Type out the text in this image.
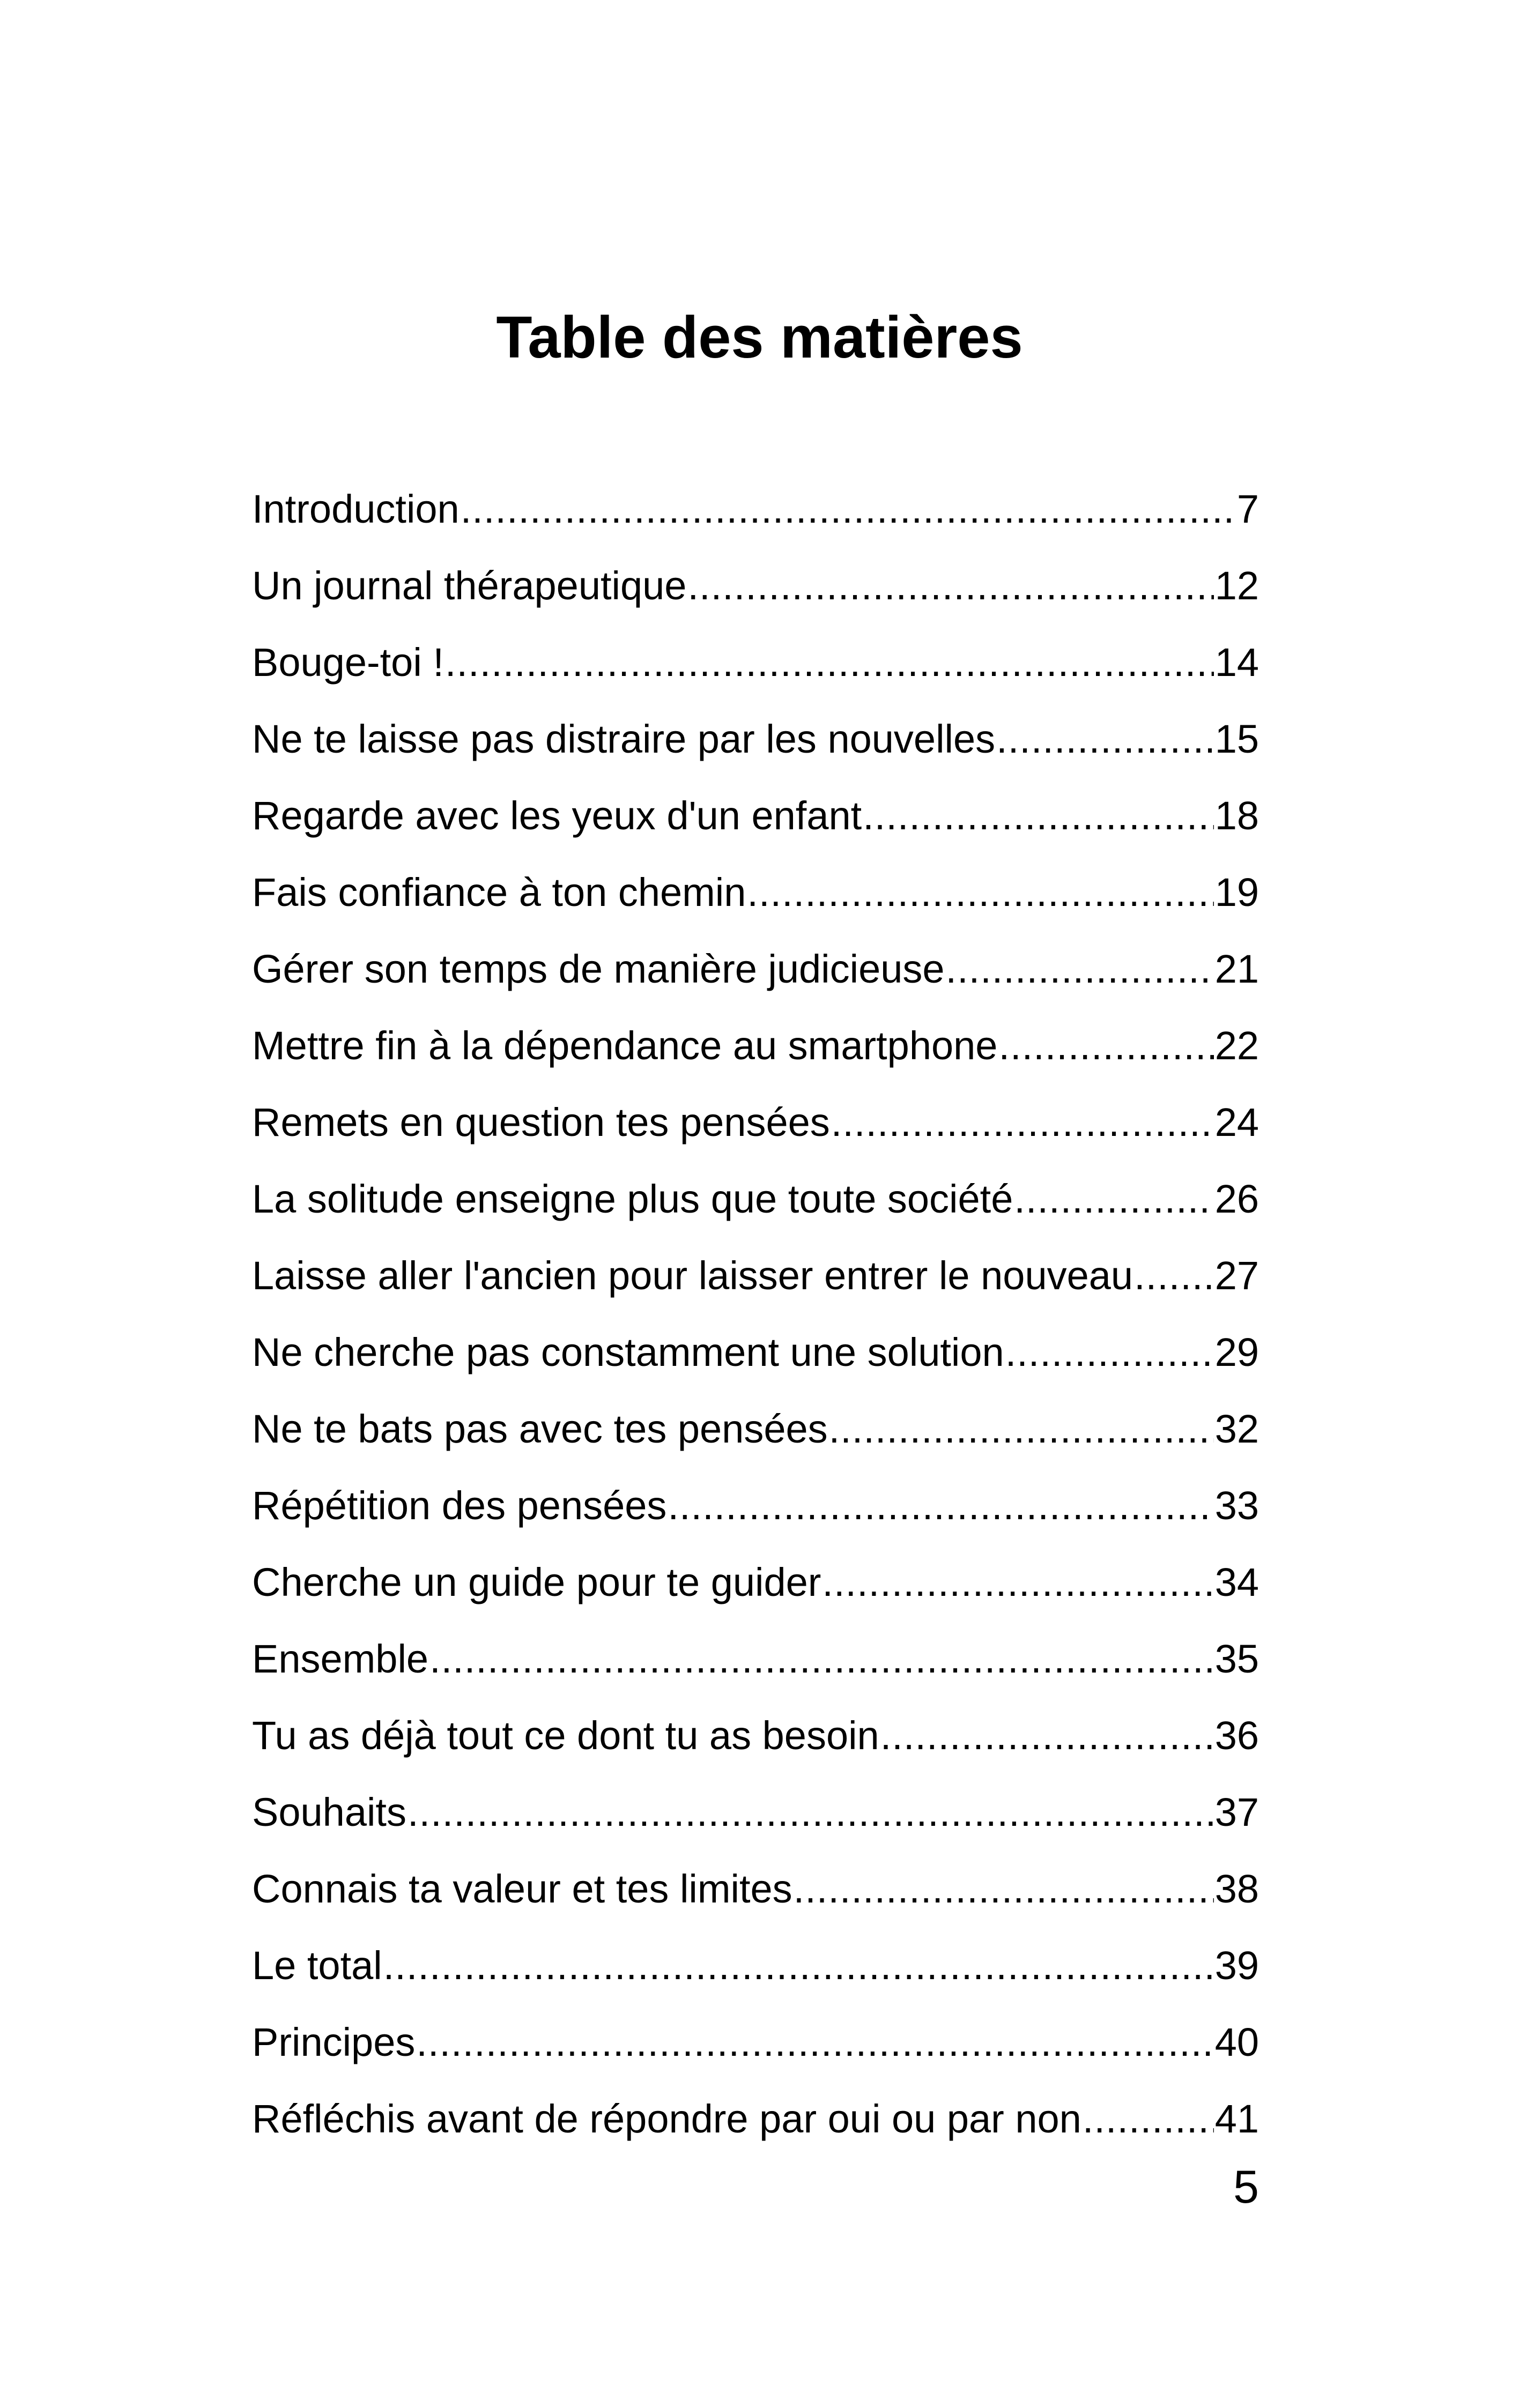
Table des matières
Introduction .....	7
Un journal thérapeutique .....	12
Bouge-toi ! .....	14
Ne te laisse pas distraire par les nouvelles .....	15
Regarde avec les yeux d'un enfant .....	18
Fais confiance à ton chemin .....	19
Gérer son temps de manière judicieuse .....	21
Mettre fin à la dépendance au smartphone .....	22
Remets en question tes pensées .....	24
La solitude enseigne plus que toute société .....	26
Laisse aller l'ancien pour laisser entrer le nouveau ..... 27
Ne cherche pas constamment une solution .....	29
Ne te bats pas avec tes pensées .....	32
Répétition des pensées .....	33
Cherche un guide pour te guider .....	34
Ensemble .....	35
Tu as déjà tout ce dont tu as besoin .....	36
Souhaits .....	37
Connais ta valeur et tes limites .....	38
Le total .....	39
Principes .....	40
Réfléchis avant de répondre par oui ou par non .....	41
5
